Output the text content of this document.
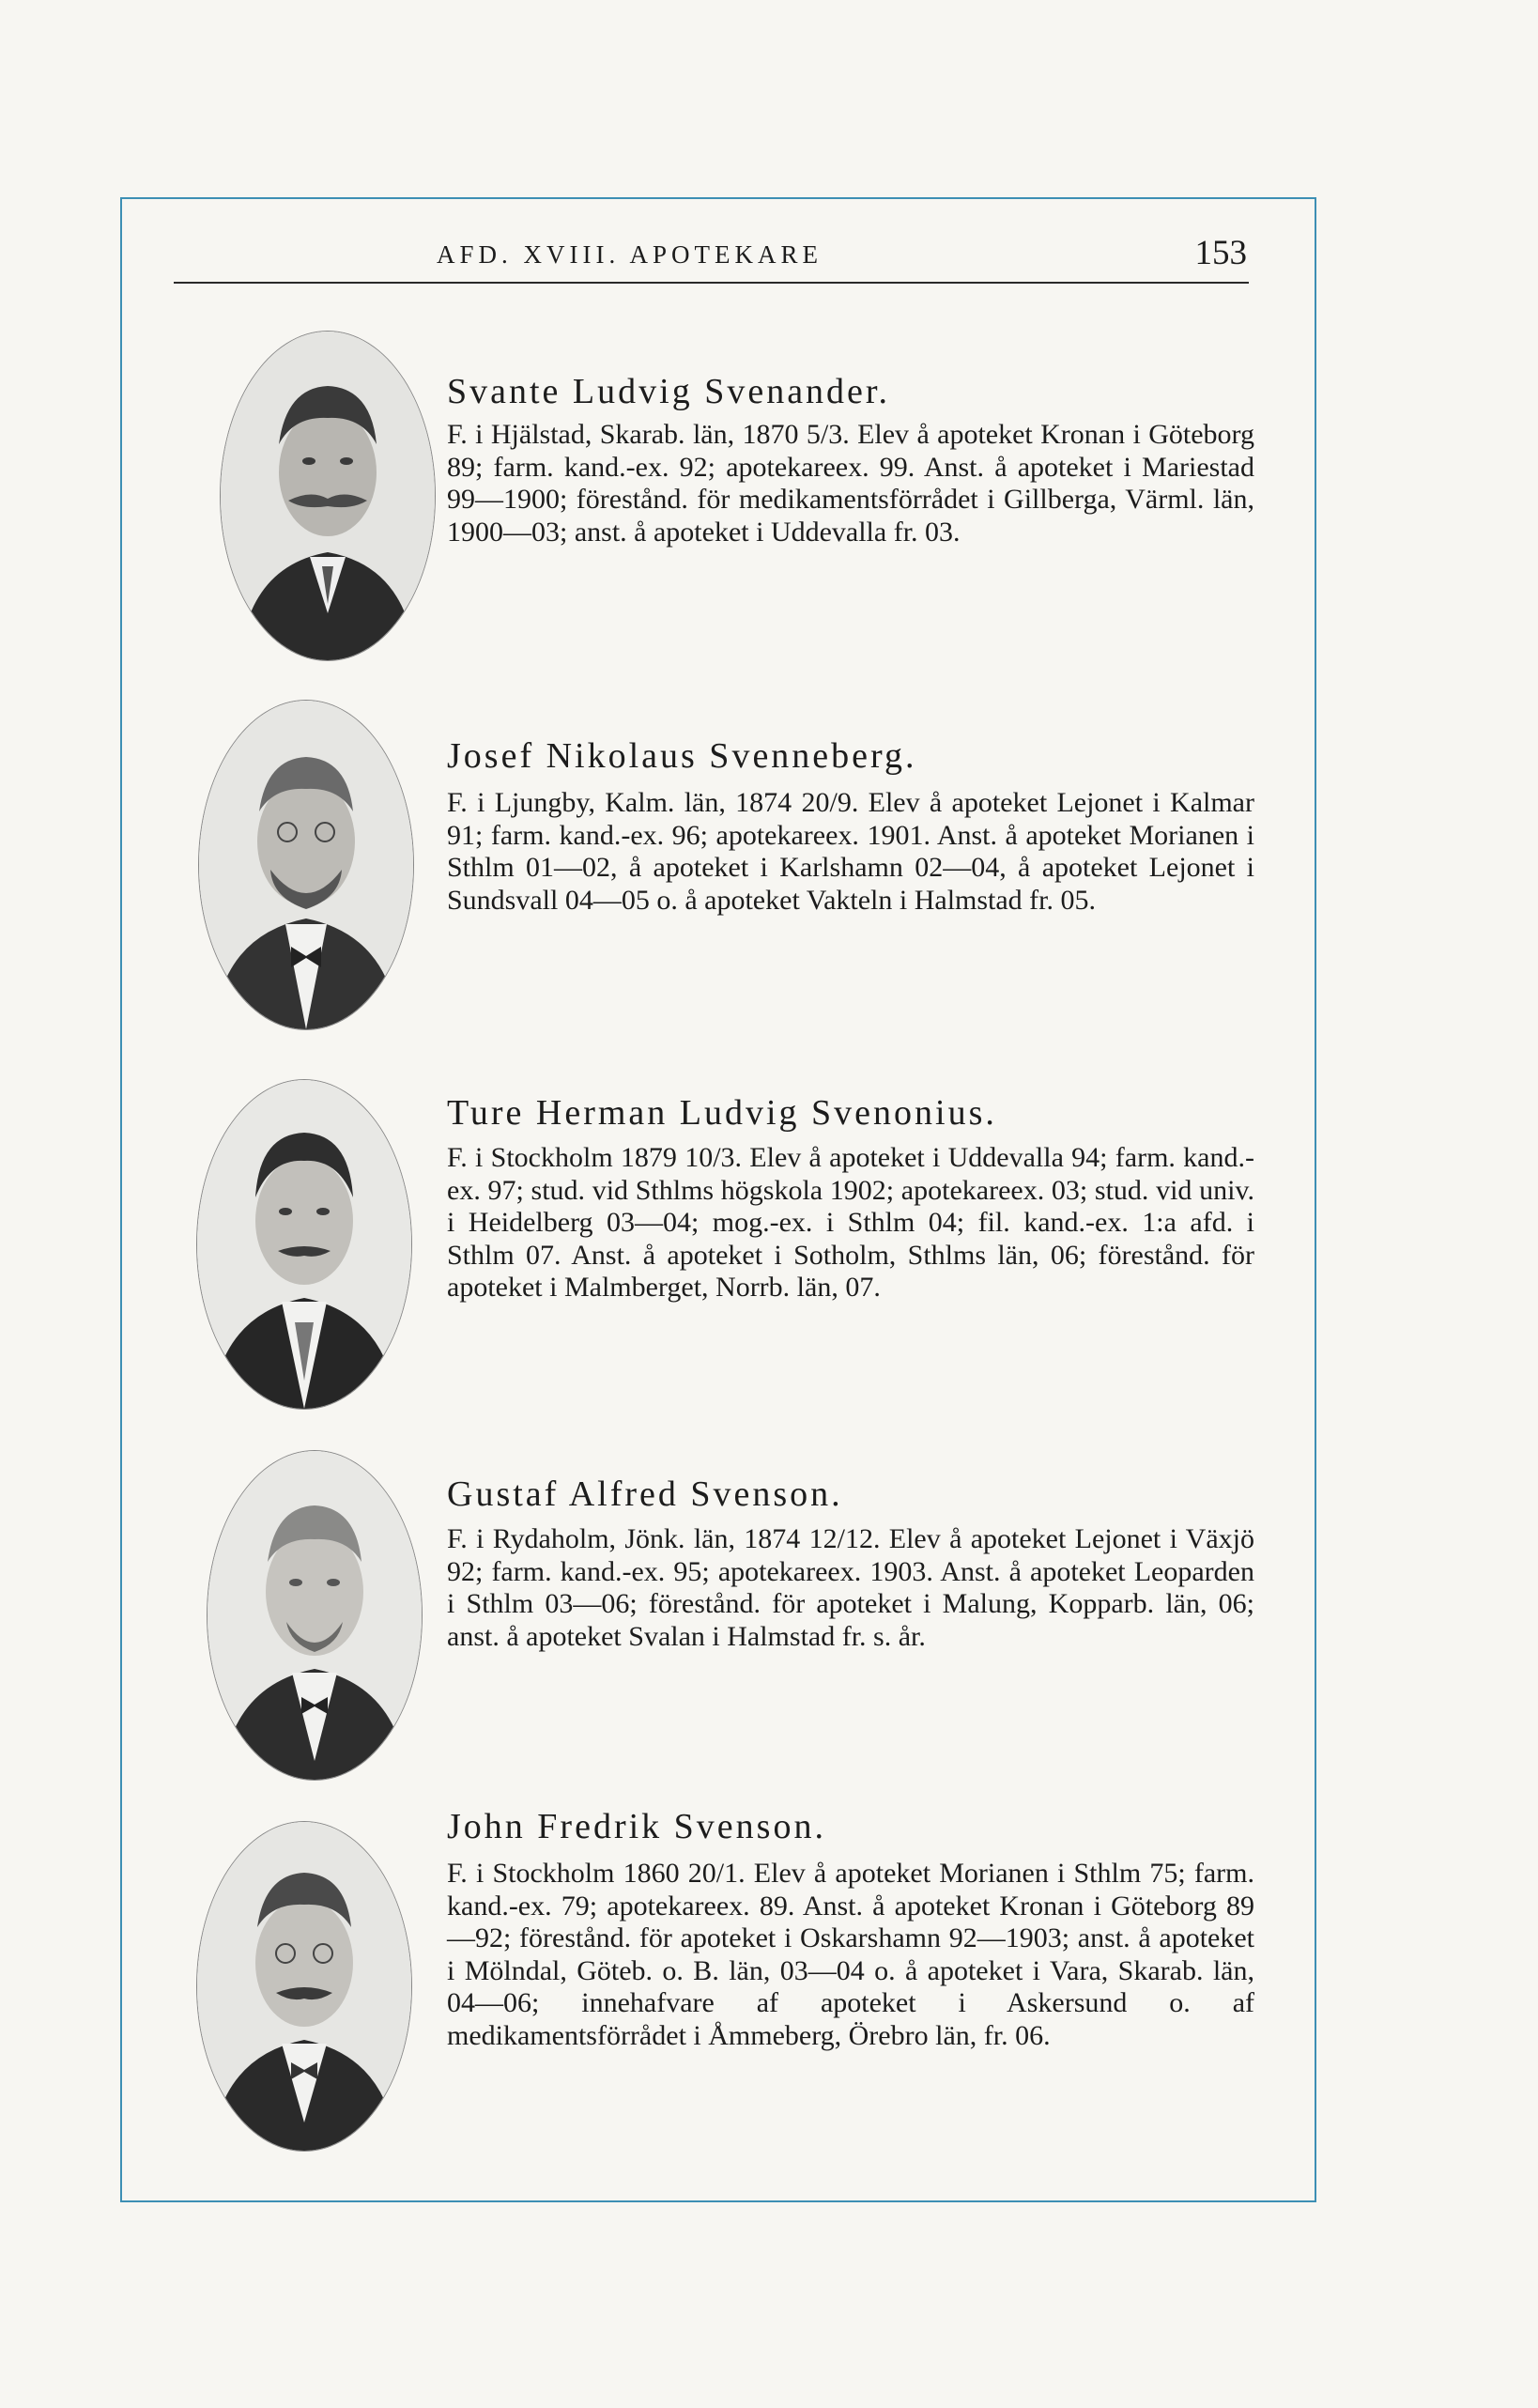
AFD. XVIII. APOTEKARE	153
Svante Ludvig Svenander.
F. i Hjälstad, Skarab. län, 1870 5/3. Elev å apoteket Kronan i Göteborg 89; farm. kand.-ex. 92; apotekareex. 99. Anst. å apoteket i Mariestad 99—1900; förestånd. för medikamentsförrådet i Gillberga, Värml. län, 1900—03; anst. å apoteket i Uddevalla fr. 03.
Josef Nikolaus Svenneberg.
F. i Ljungby, Kalm. län, 1874 20/9. Elev å apoteket Lejonet i Kalmar 91; farm. kand.-ex. 96; apotekareex. 1901. Anst. å apoteket Morianen i Sthlm 01—02, å apoteket i Karlshamn 02—04, å apoteket Lejonet i Sundsvall 04—05 o. å apoteket Vakteln i Halmstad fr. 05.
Ture Herman Ludvig Svenonius.
F. i Stockholm 1879 10/3. Elev å apoteket i Uddevalla 94; farm. kand.-ex. 97; stud. vid Sthlms högskola 1902; apotekareex. 03; stud. vid univ. i Heidelberg 03—04; mog.-ex. i Sthlm 04; fil. kand.-ex. 1:a afd. i Sthlm 07. Anst. å apoteket i Sotholm, Sthlms län, 06; förestånd. för apoteket i Malmberget, Norrb. län, 07.
Gustaf Alfred Svenson.
F. i Rydaholm, Jönk. län, 1874 12/12. Elev å apoteket Lejonet i Växjö 92; farm. kand.-ex. 95; apotekareex. 1903. Anst. å apoteket Leoparden i Sthlm 03—06; förestånd. för apoteket i Malung, Kopparb. län, 06; anst. å apoteket Svalan i Halmstad fr. s. år.
John Fredrik Svenson.
F. i Stockholm 1860 20/1. Elev å apoteket Morianen i Sthlm 75; farm. kand.-ex. 79; apotekareex. 89. Anst. å apoteket Kronan i Göteborg 89—92; förestånd. för apoteket i Oskarshamn 92—1903; anst. å apoteket i Mölndal, Göteb. o. B. län, 03—04 o. å apoteket i Vara, Skarab. län, 04—06; innehafvare af apoteket i Askersund o. af medikamentsförrådet i Åmmeberg, Örebro län, fr. 06.
